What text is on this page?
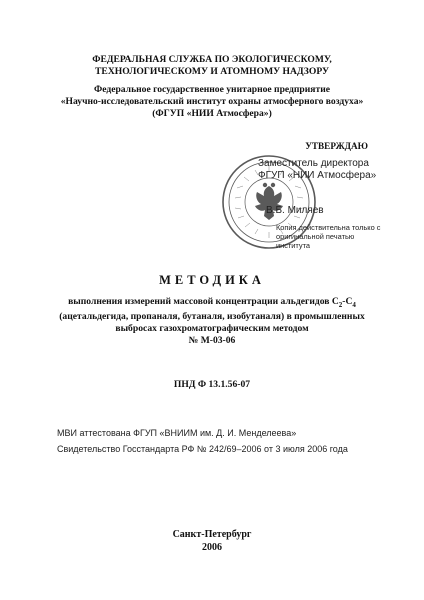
ФЕДЕРАЛЬНАЯ СЛУЖБА ПО ЭКОЛОГИЧЕСКОМУ,
ТЕХНОЛОГИЧЕСКОМУ И АТОМНОМУ НАДЗОРУ
Федеральное государственное унитарное предприятие
«Научно-исследовательский институт охраны атмосферного воздуха»
(ФГУП «НИИ Атмосфера»)
УТВЕРЖДАЮ
Заместитель директора
ФГУП «НИИ Атмосфера»
В.Б. Миляев
Копия действительна только с
оригинальной печатью института
МЕТОДИКА
выполнения измерений массовой концентрации альдегидов $С_2-С_4$
(ацетальдегида, пропаналя, бутаналя, изобутаналя) в промышленных
выбросах газохроматографическим методом
№ М-03-06
ПНД Ф 13.1.56-07
МВИ аттестована ФГУП «ВНИИМ им. Д. И. Менделеева»
Свидетельство Госстандарта РФ № 242/69–2006 от 3 июля 2006 года
Санкт-Петербург
2006
